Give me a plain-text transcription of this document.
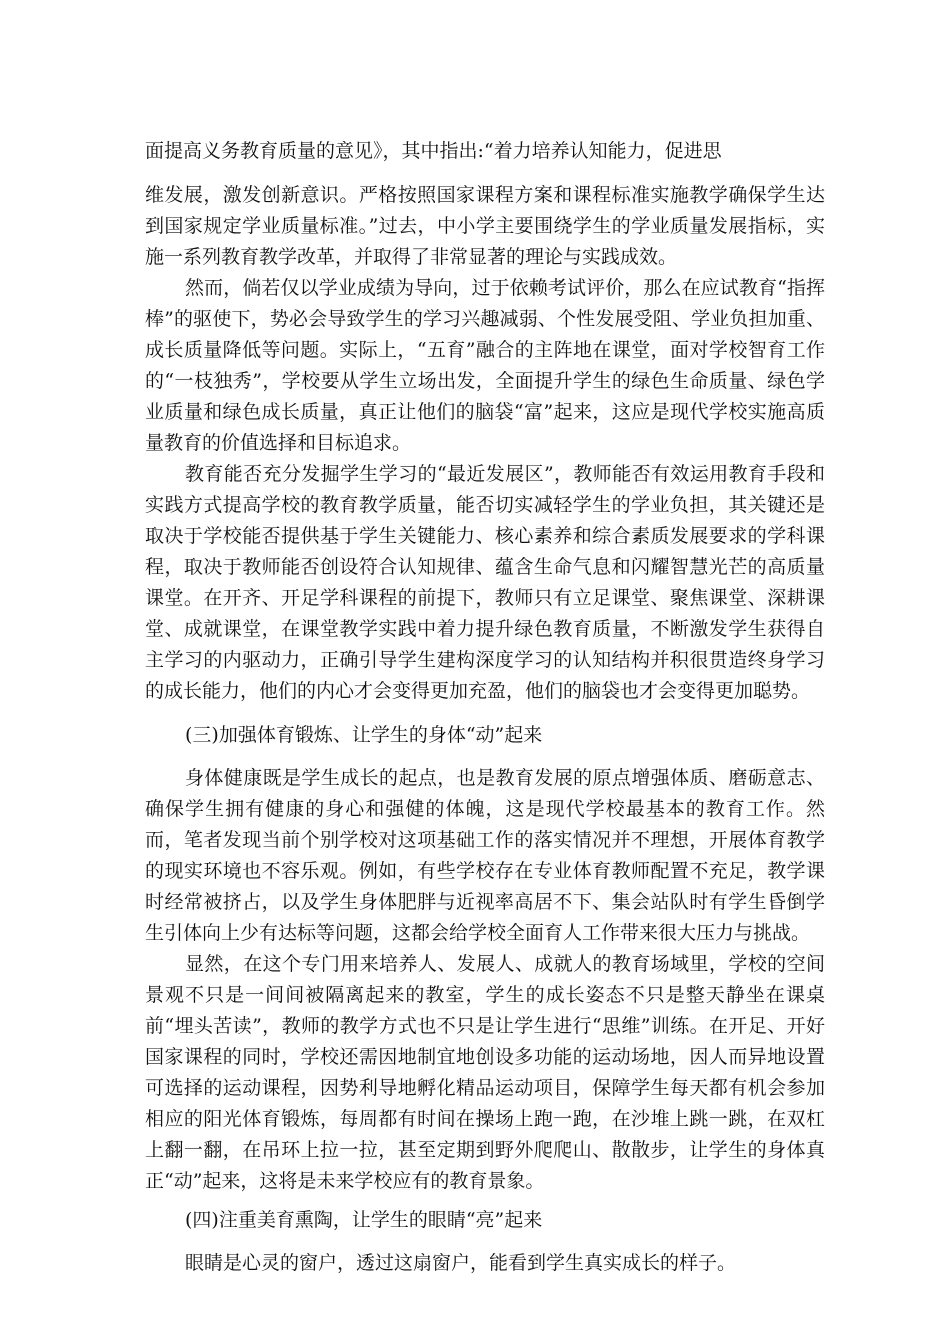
面提高义务教育质量的意见》，其中指出:“着力培养认知能力，促进思

维发展，激发创新意识。严格按照国家课程方案和课程标准实施教学确保学生达到国家规定学业质量标准。”过去，中小学主要围绕学生的学业质量发展指标，实施一系列教育教学改革，并取得了非常显著的理论与实践成效。

然而，倘若仅以学业成绩为导向，过于依赖考试评价，那么在应试教育“指挥棒”的驱使下，势必会导致学生的学习兴趣减弱、个性发展受阻、学业负担加重、成长质量降低等问题。实际上，“五育”融合的主阵地在课堂，面对学校智育工作的“一枝独秀”，学校要从学生立场出发，全面提升学生的绿色生命质量、绿色学业质量和绿色成长质量，真正让他们的脑袋“富”起来，这应是现代学校实施高质量教育的价值选择和目标追求。

教育能否充分发掘学生学习的“最近发展区”，教师能否有效运用教育手段和实践方式提高学校的教育教学质量，能否切实减轻学生的学业负担，其关键还是取决于学校能否提供基于学生关键能力、核心素养和综合素质发展要求的学科课程，取决于教师能否创设符合认知规律、蕴含生命气息和闪耀智慧光芒的高质量课堂。在开齐、开足学科课程的前提下，教师只有立足课堂、聚焦课堂、深耕课堂、成就课堂，在课堂教学实践中着力提升绿色教育质量，不断激发学生获得自主学习的内驱动力，正确引导学生建构深度学习的认知结构并积很贯造终身学习的成长能力，他们的内心才会变得更加充盈，他们的脑袋也才会变得更加聪势。

(三)加强体育锻炼、让学生的身体“动”起来

身体健康既是学生成长的起点，也是教育发展的原点增强体质、磨砺意志、确保学生拥有健康的身心和强健的体魄，这是现代学校最基本的教育工作。然而，笔者发现当前个别学校对这项基础工作的落实情况并不理想，开展体育教学的现实环境也不容乐观。例如，有些学校存在专业体育教师配置不充足，教学课时经常被挤占，以及学生身体肥胖与近视率高居不下、集会站队时有学生昏倒学生引体向上少有达标等问题，这都会给学校全面育人工作带来很大压力与挑战。

显然，在这个专门用来培养人、发展人、成就人的教育场域里，学校的空间景观不只是一间间被隔离起来的教室，学生的成长姿态不只是整天静坐在课桌前“埋头苦读”，教师的教学方式也不只是让学生进行“思维”训练。在开足、开好国家课程的同时，学校还需因地制宜地创设多功能的运动场地，因人而异地设置可选择的运动课程，因势利导地孵化精品运动项目，保障学生每天都有机会参加相应的阳光体育锻炼，每周都有时间在操场上跑一跑，在沙堆上跳一跳，在双杠上翻一翻，在吊环上拉一拉，甚至定期到野外爬爬山、散散步，让学生的身体真正“动”起来，这将是未来学校应有的教育景象。

(四)注重美育熏陶，让学生的眼睛“亮”起来

眼睛是心灵的窗户，透过这扇窗户，能看到学生真实成长的样子。
